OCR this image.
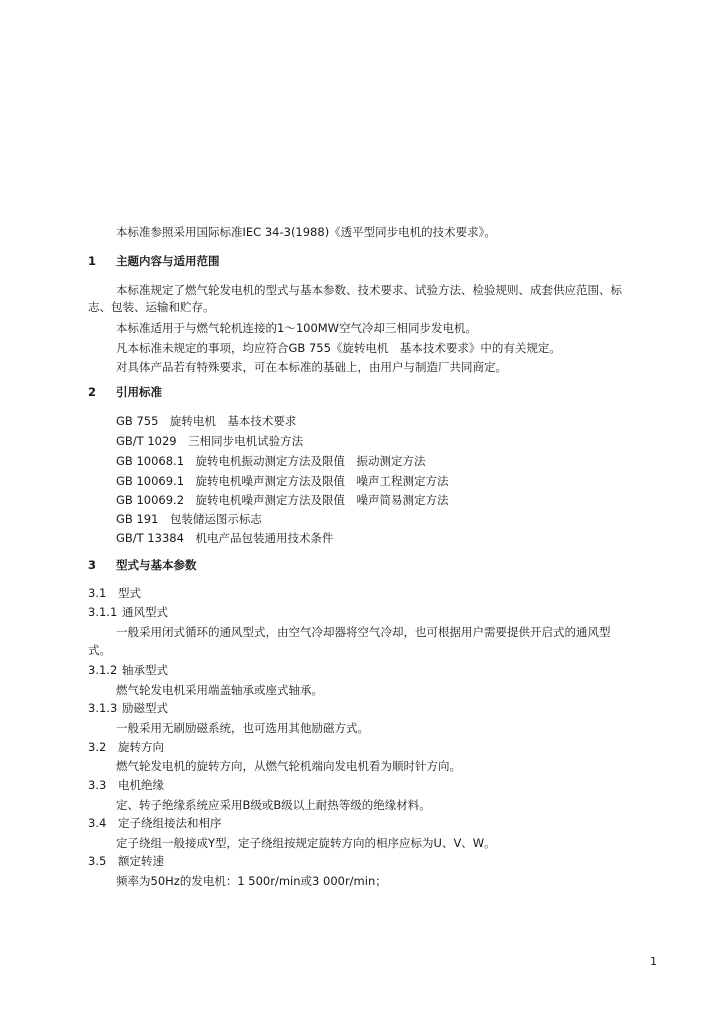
本标准参照采用国际标准IEC 34-3(1988)《透平型同步电机的技术要求》。
1 主题内容与适用范围
本标准规定了燃气轮发电机的型式与基本参数、技术要求、试验方法、检验规则、成套供应范围、标
志、包装、运输和贮存。
本标准适用于与燃气轮机连接的1～100MW空气冷却三相同步发电机。
凡本标准未规定的事项，均应符合GB 755《旋转电机　基本技术要求》中的有关规定。
对具体产品若有特殊要求，可在本标准的基础上，由用户与制造厂共同商定。
2 引用标准
GB 755　旋转电机　基本技术要求
GB/T 1029　三相同步电机试验方法
GB 10068.1　旋转电机振动测定方法及限值　振动测定方法
GB 10069.1　旋转电机噪声测定方法及限值　噪声工程测定方法
GB 10069.2　旋转电机噪声测定方法及限值　噪声简易测定方法
GB 191　包装储运图示标志
GB/T 13384　机电产品包装通用技术条件
3 型式与基本参数
3.1 型式
3.1.1 通风型式
一般采用闭式循环的通风型式，由空气冷却器将空气冷却，也可根据用户需要提供开启式的通风型
式。
3.1.2 轴承型式
燃气轮发电机采用端盖轴承或座式轴承。
3.1.3 励磁型式
一般采用无刷励磁系统，也可选用其他励磁方式。
3.2 旋转方向
燃气轮发电机的旋转方向，从燃气轮机端向发电机看为顺时针方向。
3.3 电机绝缘
定、转子绝缘系统应采用B级或B级以上耐热等级的绝缘材料。
3.4 定子绕组接法和相序
定子绕组一般接成Y型，定子绕组按规定旋转方向的相序应标为U、V、W。
3.5 额定转速
频率为50Hz的发电机：1 500r/min或3 000r/min；
1
